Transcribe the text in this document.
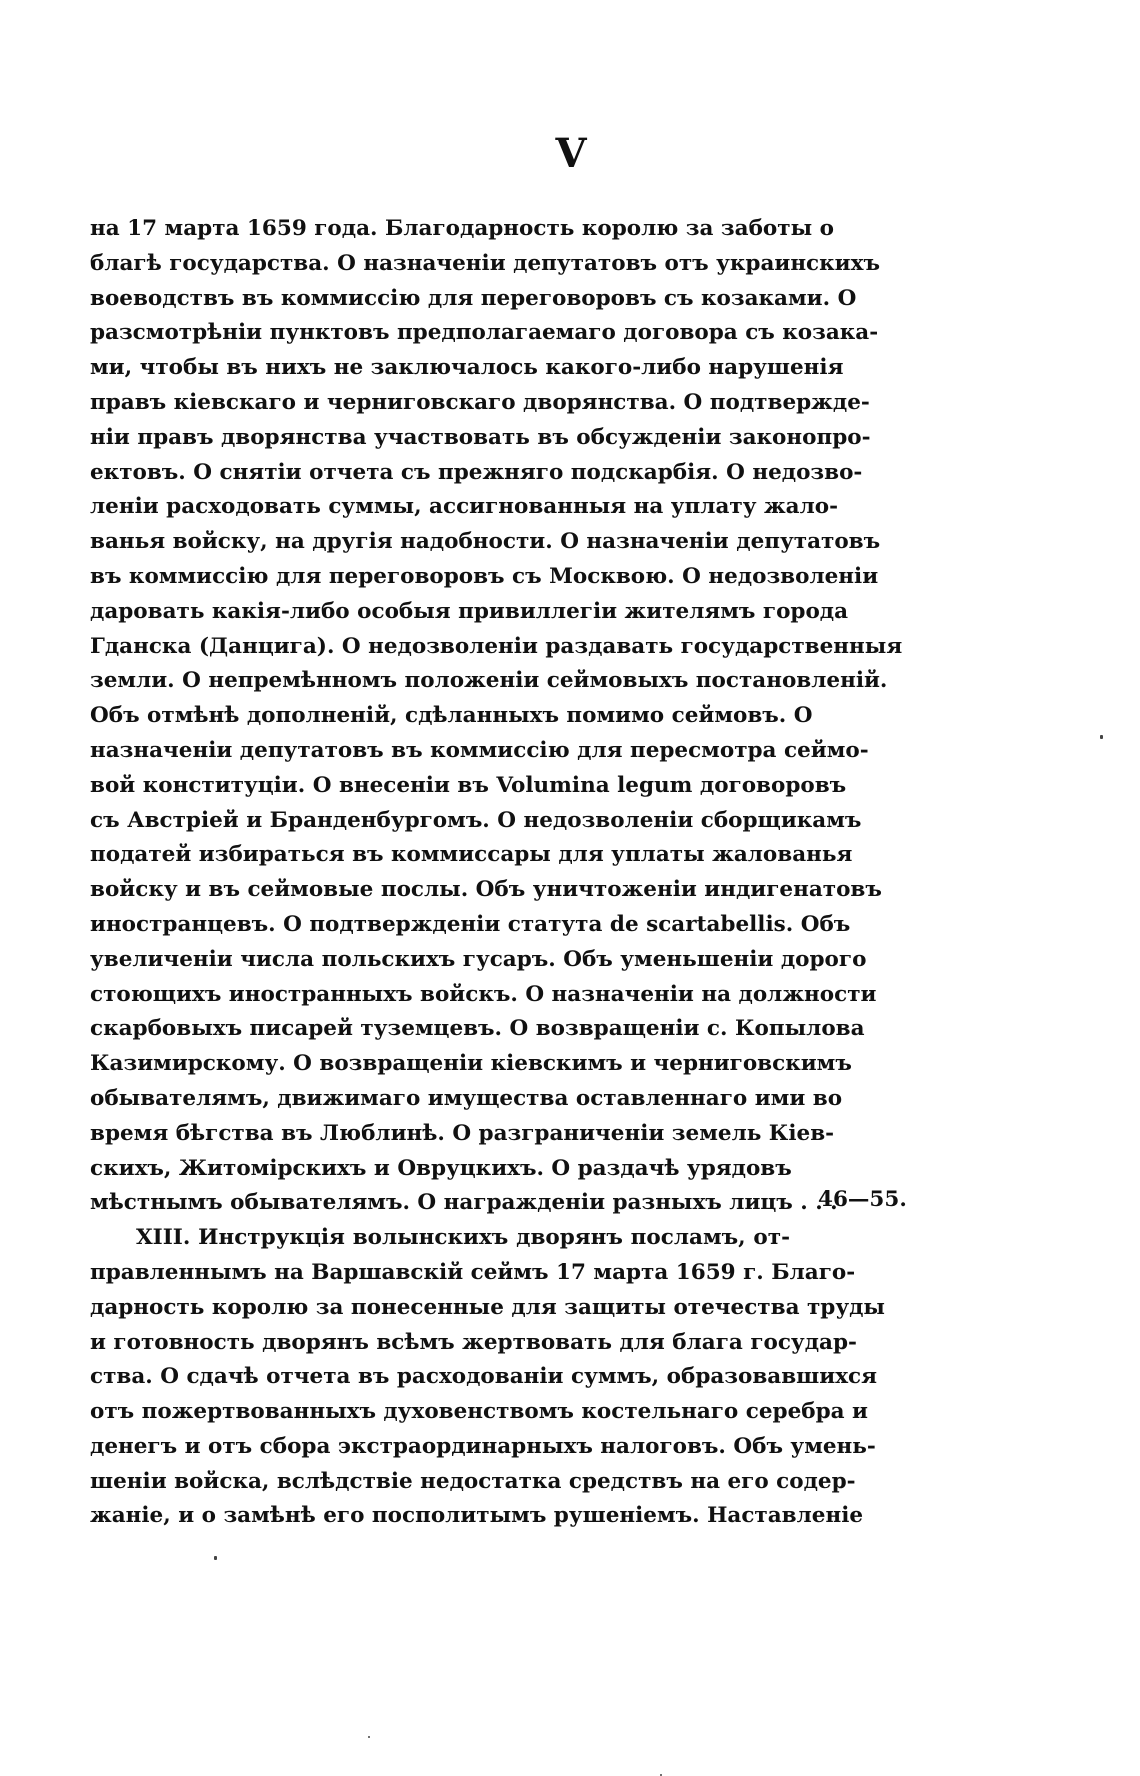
V
на 17 марта 1659 года. Благодарность королю за заботы о
благѣ государства. О назначеніи депутатовъ отъ украинскихъ
воеводствъ въ коммиссію для переговоровъ съ козаками. О
разсмотрѣніи пунктовъ предполагаемаго договора съ козака-
ми, чтобы въ нихъ не заключалось какого-либо нарушенія
правъ кіевскаго и черниговскаго дворянства. О подтвержде-
ніи правъ дворянства участвовать въ обсужденіи законопро-
ектовъ. О снятіи отчета съ прежняго подскарбія. О недозво-
леніи расходовать суммы, ассигнованныя на уплату жало-
ванья войску, на другія надобности. О назначеніи депутатовъ
въ коммиссію для переговоровъ съ Москвою. О недозволеніи
даровать какія-либо особыя привиллегіи жителямъ города
Гданска (Данцига). О недозволеніи раздавать государственныя
земли. О непремѣнномъ положеніи сеймовыхъ постановленій.
Объ отмѣнѣ дополненій, сдѣланныхъ помимо сеймовъ. О
назначеніи депутатовъ въ коммиссію для пересмотра сеймо-
вой конституціи. О внесеніи въ Volumina legum договоровъ
съ Австріей и Бранденбургомъ. О недозволеніи сборщикамъ
податей избираться въ коммиссары для уплаты жалованья
войску и въ сеймовые послы. Объ уничтоженіи индигенатовъ
иностранцевъ. О подтвержденіи статута de scartabellis. Объ
увеличеніи числа польскихъ гусаръ. Объ уменьшеніи дорого
стоющихъ иностранныхъ войскъ. О назначеніи на должности
скарбовыхъ писарей туземцевъ. О возвращеніи с. Копылова
Казимирскому. О возвращеніи кіевскимъ и черниговскимъ
обывателямъ, движимаго имущества оставленнаго ими во
время бѣгства въ Люблинѣ. О разграниченіи земель Кіев-
скихъ, Житомірскихъ и Овруцкихъ. О раздачѣ урядовъ
мѣстнымъ обывателямъ. О награжденіи разныхъ лицъ . . .
XIII. Инструкція волынскихъ дворянъ посламъ, от-
правленнымъ на Варшавскій сеймъ 17 марта 1659 г. Благо-
дарность королю за понесенные для защиты отечества труды
и готовность дворянъ всѣмъ жертвовать для блага государ-
ства. О сдачѣ отчета въ расходованіи суммъ, образовавшихся
отъ пожертвованныхъ духовенствомъ костельнаго серебра и
денегъ и отъ сбора экстраординарныхъ налоговъ. Объ умень-
шеніи войска, вслѣдствіе недостатка средствъ на его содер-
жаніе, и о замѣнѣ его посполитымъ рушеніемъ. Наставленіе
46—55.
